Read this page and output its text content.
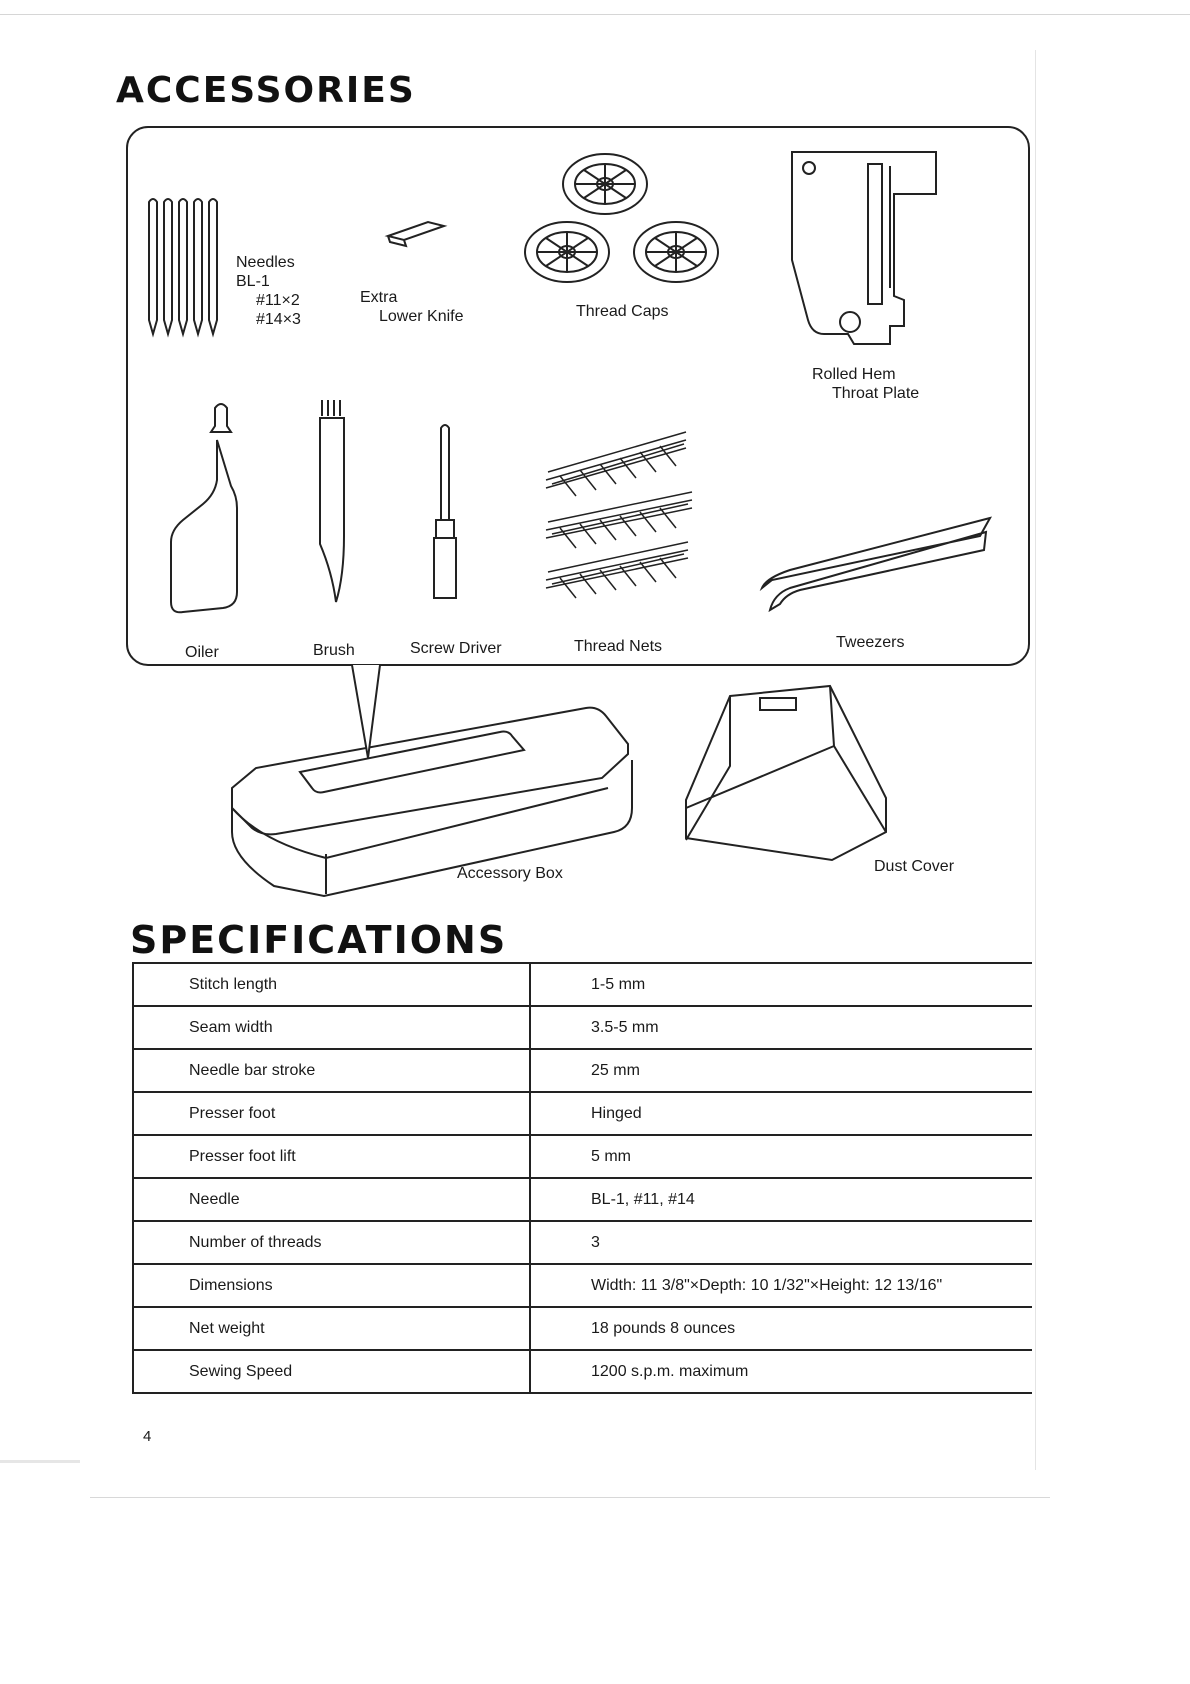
ACCESSORIES
Needles
BL-1
#11×2
#14×3
Extra
Lower Knife	Thread Caps
Rolled Hem
Throat Plate
Oiler	Brush	Screw Driver	Thread Nets	Tweezers
Accessory Box	Dust Cover
SPECIFICATIONS
Stitch length	1-5 mm
Seam width	3.5-5 mm
Needle bar stroke	25 mm
Presser foot	Hinged
Presser foot lift	5 mm
Needle	BL-1, #11, #14
Number of threads	3
Dimensions	Width: 11 3/8"×Depth: 10 1/32"×Height: 12 13/16"
Net weight	18 pounds 8 ounces
Sewing Speed	1200 s.p.m. maximum
4
